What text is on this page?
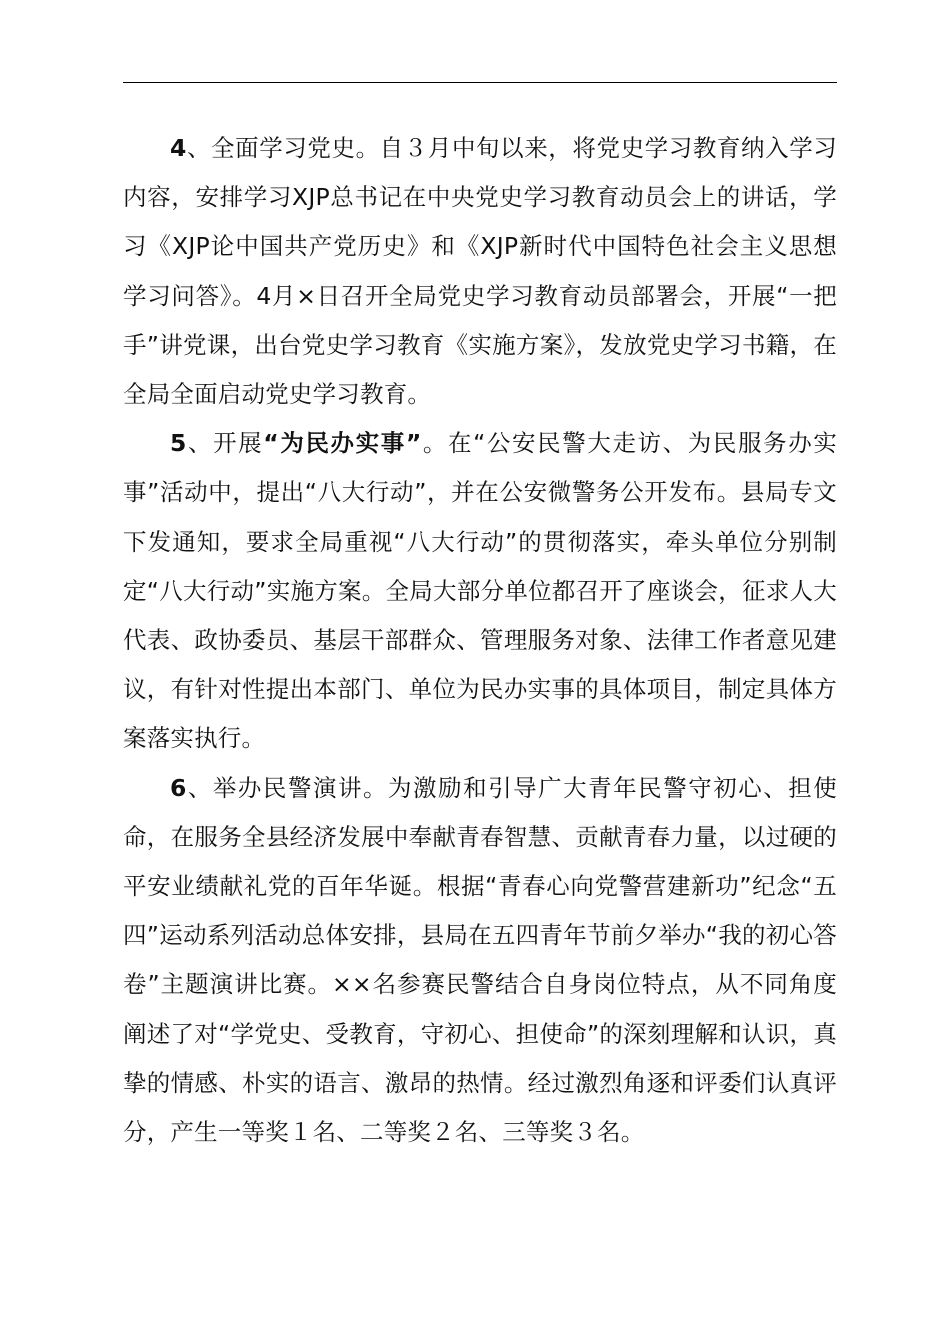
4、全面学习党史。自３月中旬以来，将党史学习教育纳入学习内容，安排学习XJP总书记在中央党史学习教育动员会上的讲话，学习《XJP论中国共产党历史》和《XJP新时代中国特色社会主义思想学习问答》。4月×日召开全局党史学习教育动员部署会，开展“一把手”讲党课，出台党史学习教育《实施方案》，发放党史学习书籍，在全局全面启动党史学习教育。

5、开展“为民办实事”。在“公安民警大走访、为民服务办实事”活动中，提出“八大行动”，并在公安微警务公开发布。县局专文下发通知，要求全局重视“八大行动”的贯彻落实，牵头单位分别制定“八大行动”实施方案。全局大部分单位都召开了座谈会，征求人大代表、政协委员、基层干部群众、管理服务对象、法律工作者意见建议，有针对性提出本部门、单位为民办实事的具体项目，制定具体方案落实执行。

6、举办民警演讲。为激励和引导广大青年民警守初心、担使命，在服务全县经济发展中奉献青春智慧、贡献青春力量，以过硬的平安业绩献礼党的百年华诞。根据“青春心向党警营建新功”纪念“五四”运动系列活动总体安排，县局在五四青年节前夕举办“我的初心答卷”主题演讲比赛。××名参赛民警结合自身岗位特点，从不同角度阐述了对“学党史、受教育，守初心、担使命”的深刻理解和认识，真挚的情感、朴实的语言、激昂的热情。经过激烈角逐和评委们认真评分，产生一等奖１名、二等奖２名、三等奖３名。
